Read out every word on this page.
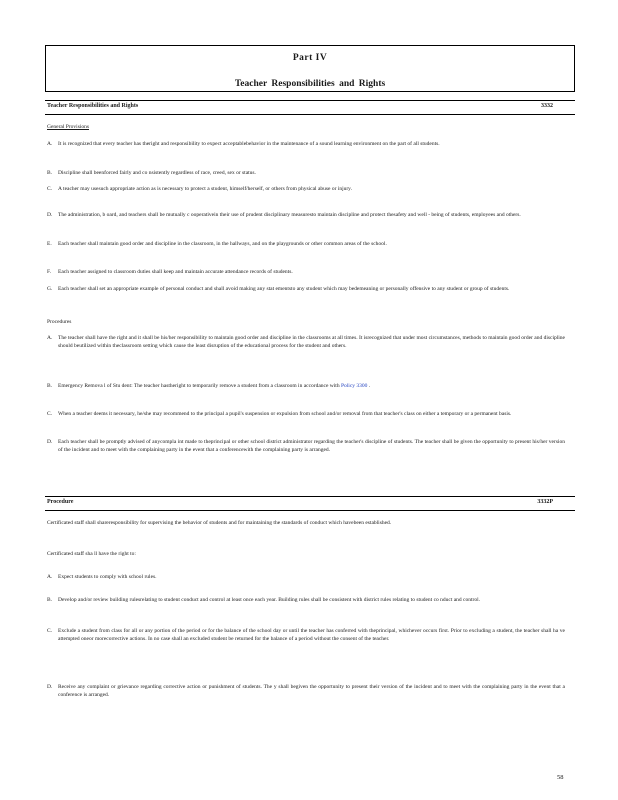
Part IV
Teacher Responsibilities and Rights
Teacher Responsibilities and Rights	3332
General Provisions
A. It is recognized that every teacher has theright and responsibility to expect acceptablebehavior in the maintenance of a sound learning environment on the part of all students.
B. Discipline shall beenforced fairly and co nsistently regardless of race, creed, sex or status.
C. A teacher may usesuch appropriate action as is necessary to protect a student, himself/herself, or others from physical abuse or injury.
D. The administration, b oard, and teachers shall be mutually c ooperativein their use of prudent disciplinary measuresto maintain discipline and protect thesafety and well - being of students, employees and others.
E. Each teacher shall maintain good order and discipline in the classroom, in the hallways, and on the playgrounds or other common areas of the school.
F. Each teacher assigned to classroom duties shall keep and maintain accurate attendance records of students.
G. Each teacher shall set an appropriate example of personal conduct and shall avoid making any stat ementsto any student which may bedemeaning or personally offensive to any student or group of students.
Procedures
A. The teacher shall have the right and it shall be his/her responsibility to maintain good order and discipline in the classrooms at all times. It isrecognized that under most circumstances, methods to maintain good order and discipline should beutilized within theclassroom setting which cause the least disruption of the educational process for the student and others.
B. Emergency Remova l of Stu dent: The teacher hastheright to temporarily remove a student from a classroom in accordance with Policy 3300 .
C. When a teacher deems it necessary, he/she may recommend to the principal a pupil's suspension or expulsion from school and/or removal from that teacher's class on either a temporary or a permanent basis.
D. Each teacher shall be promptly advised of anycompla int made to theprincipal or other school district administrator regarding the teacher's discipline of students. The teacher shall be given the opportunity to present his/her version of the incident and to meet with the complaining party in the event that a conferencewith the complaining party is arranged.
Procedure	3332P
Certificated staff shall shareresponsibility for supervising the behavior of students and for maintaining the standards of conduct which havebeen established.
Certificated staff sha ll have the right to:
A. Expect students to comply with school rules.
B. Develop and/or review building rulesrelating to student conduct and control at least once each year. Building rules shall be consistent with district rules relating to student co nduct and control.
C. Exclude a student from class for all or any portion of the period or for the balance of the school day or until the teacher has conferred with theprincipal, whichever occurs first. Prior to excluding a student, the teacher shall ha ve attempted oneor morecorrective actions. In no case shall an excluded student be returned for the balance of a period without the consent of the teacher.
D. Receive any complaint or grievance regarding corrective action or punishment of students. The y shall begiven the opportunity to present their version of the incident and to meet with the complaining party in the event that a conference is arranged.
58
